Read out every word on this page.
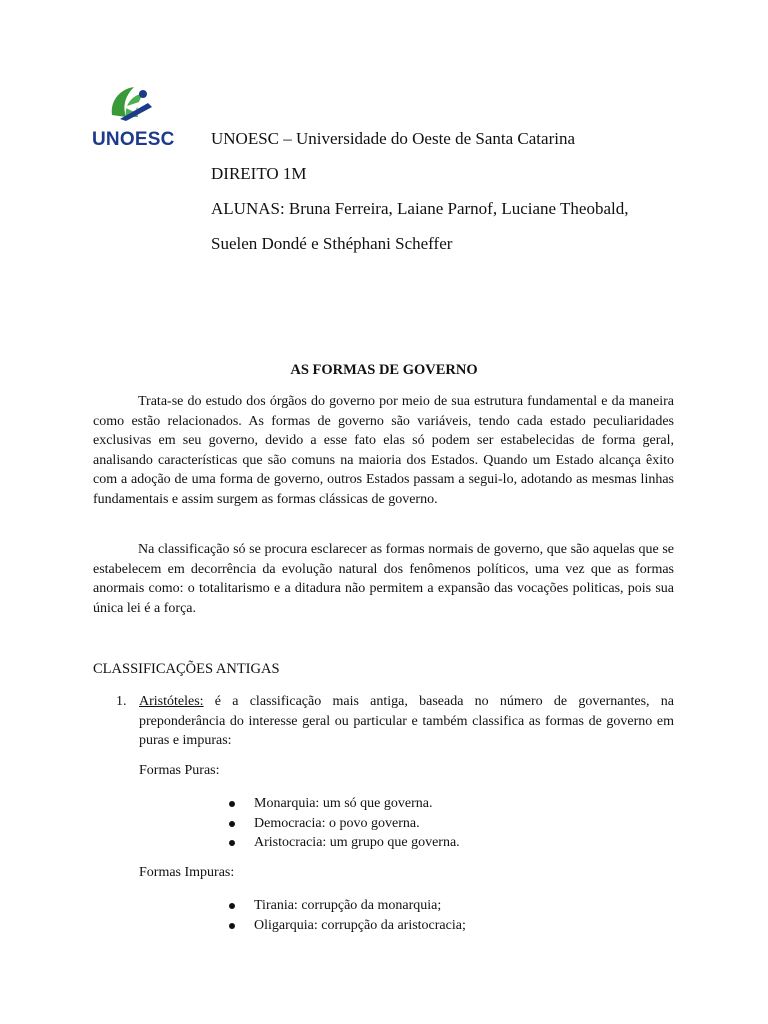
UNOESC UNOESC – Universidade do Oeste de Santa Catarina
DIREITO 1M
ALUNAS: Bruna Ferreira, Laiane Parnof, Luciane Theobald,
Suelen Dondé e Sthéphani Scheffer
AS FORMAS DE GOVERNO

Trata-se do estudo dos órgãos do governo por meio de sua estrutura fundamental e da maneira como estão relacionados. As formas de governo são variáveis, tendo cada estado peculiaridades exclusivas em seu governo, devido a esse fato elas só podem ser estabelecidas de forma geral, analisando características que são comuns na maioria dos Estados. Quando um Estado alcança êxito com a adoção de uma forma de governo, outros Estados passam a segui-lo, adotando as mesmas linhas fundamentais e assim surgem as formas clássicas de governo.

Na classificação só se procura esclarecer as formas normais de governo, que são aquelas que se estabelecem em decorrência da evolução natural dos fenômenos políticos, uma vez que as formas anormais como: o totalitarismo e a ditadura não permitem a expansão das vocações politicas, pois sua única lei é a força.

CLASSIFICAÇÕES ANTIGAS
1. Aristóteles: é a classificação mais antiga, baseada no número de governantes, na preponderância do interesse geral ou particular e também classifica as formas de governo em puras e impuras:
Formas Puras:
Monarquia: um só que governa.
Democracia: o povo governa.
Aristocracia: um grupo que governa.
Formas Impuras:
Tirania: corrupção da monarquia;
Oligarquia: corrupção da aristocracia;
